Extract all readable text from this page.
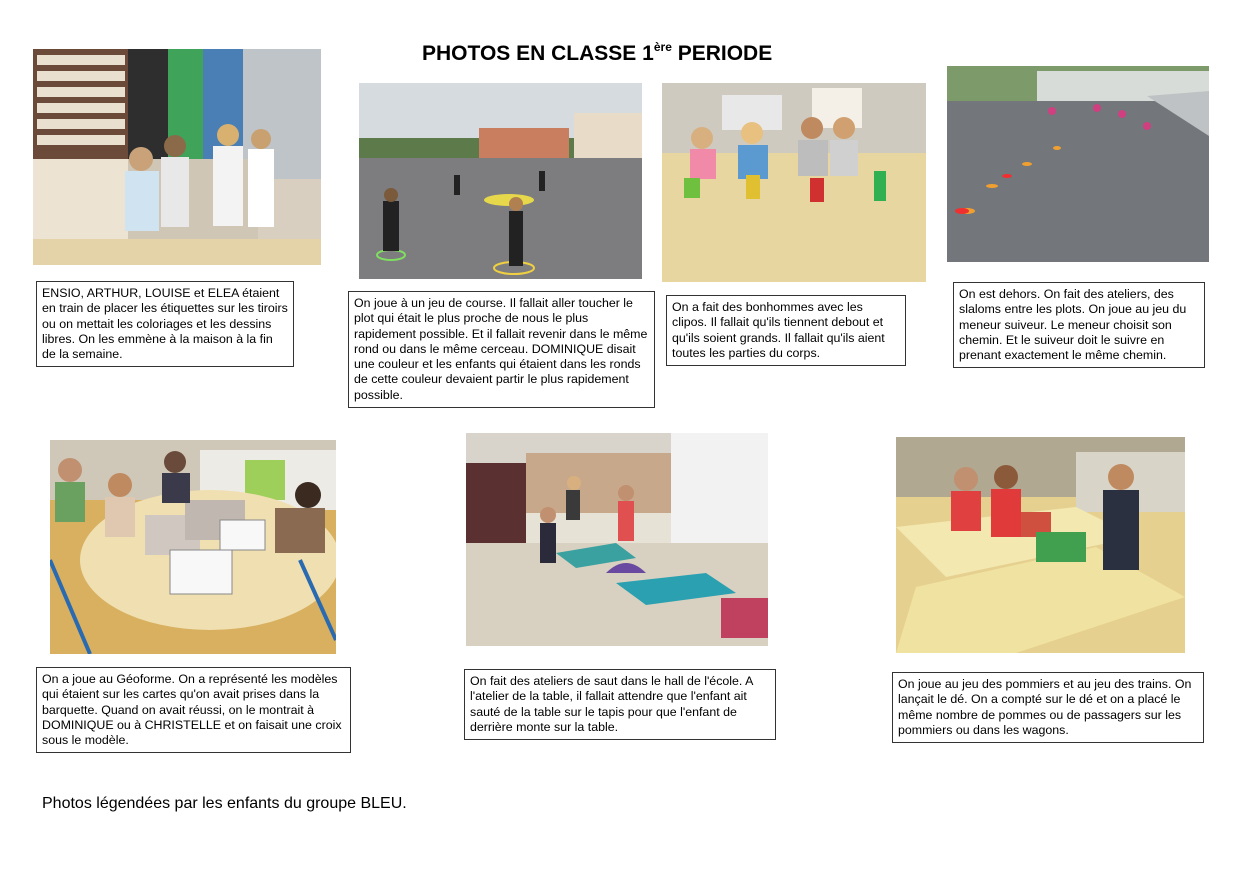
PHOTOS EN CLASSE 1ère PERIODE
ENSIO, ARTHUR, LOUISE et ELEA étaient en train de placer les étiquettes sur les tiroirs ou on mettait les coloriages et les dessins libres. On les emmène à la maison à la fin de la semaine.
On joue à un jeu de course. Il fallait aller toucher le plot qui était le plus proche de nous le plus rapidement possible. Et il fallait revenir dans le même rond ou dans le même cerceau. DOMINIQUE disait une couleur et les enfants qui étaient dans les ronds de cette couleur devaient partir le plus rapidement possible.
On a fait des bonhommes avec les clipos. Il fallait qu'ils tiennent debout et qu'ils soient grands. Il fallait qu'ils aient toutes les parties du corps.
On est dehors. On fait des ateliers, des slaloms entre les plots. On joue au jeu du meneur suiveur. Le meneur choisit son chemin. Et le suiveur doit le suivre en prenant exactement le même chemin.
On a joue au Géoforme. On a représenté les modèles qui étaient sur les cartes qu'on avait prises dans la barquette. Quand on avait réussi, on le montrait à DOMINIQUE ou à CHRISTELLE et on faisait une croix sous le modèle.
On fait des ateliers de saut dans le hall de l'école. A l'atelier de la table, il fallait attendre que l'enfant ait sauté de la table sur le tapis pour que l'enfant de derrière monte sur la table.
On joue au jeu des pommiers et au jeu des trains. On lançait le dé. On a compté sur le dé et on a placé le même nombre de pommes ou de passagers sur les pommiers ou dans les wagons.
Photos légendées par les enfants du groupe BLEU.
